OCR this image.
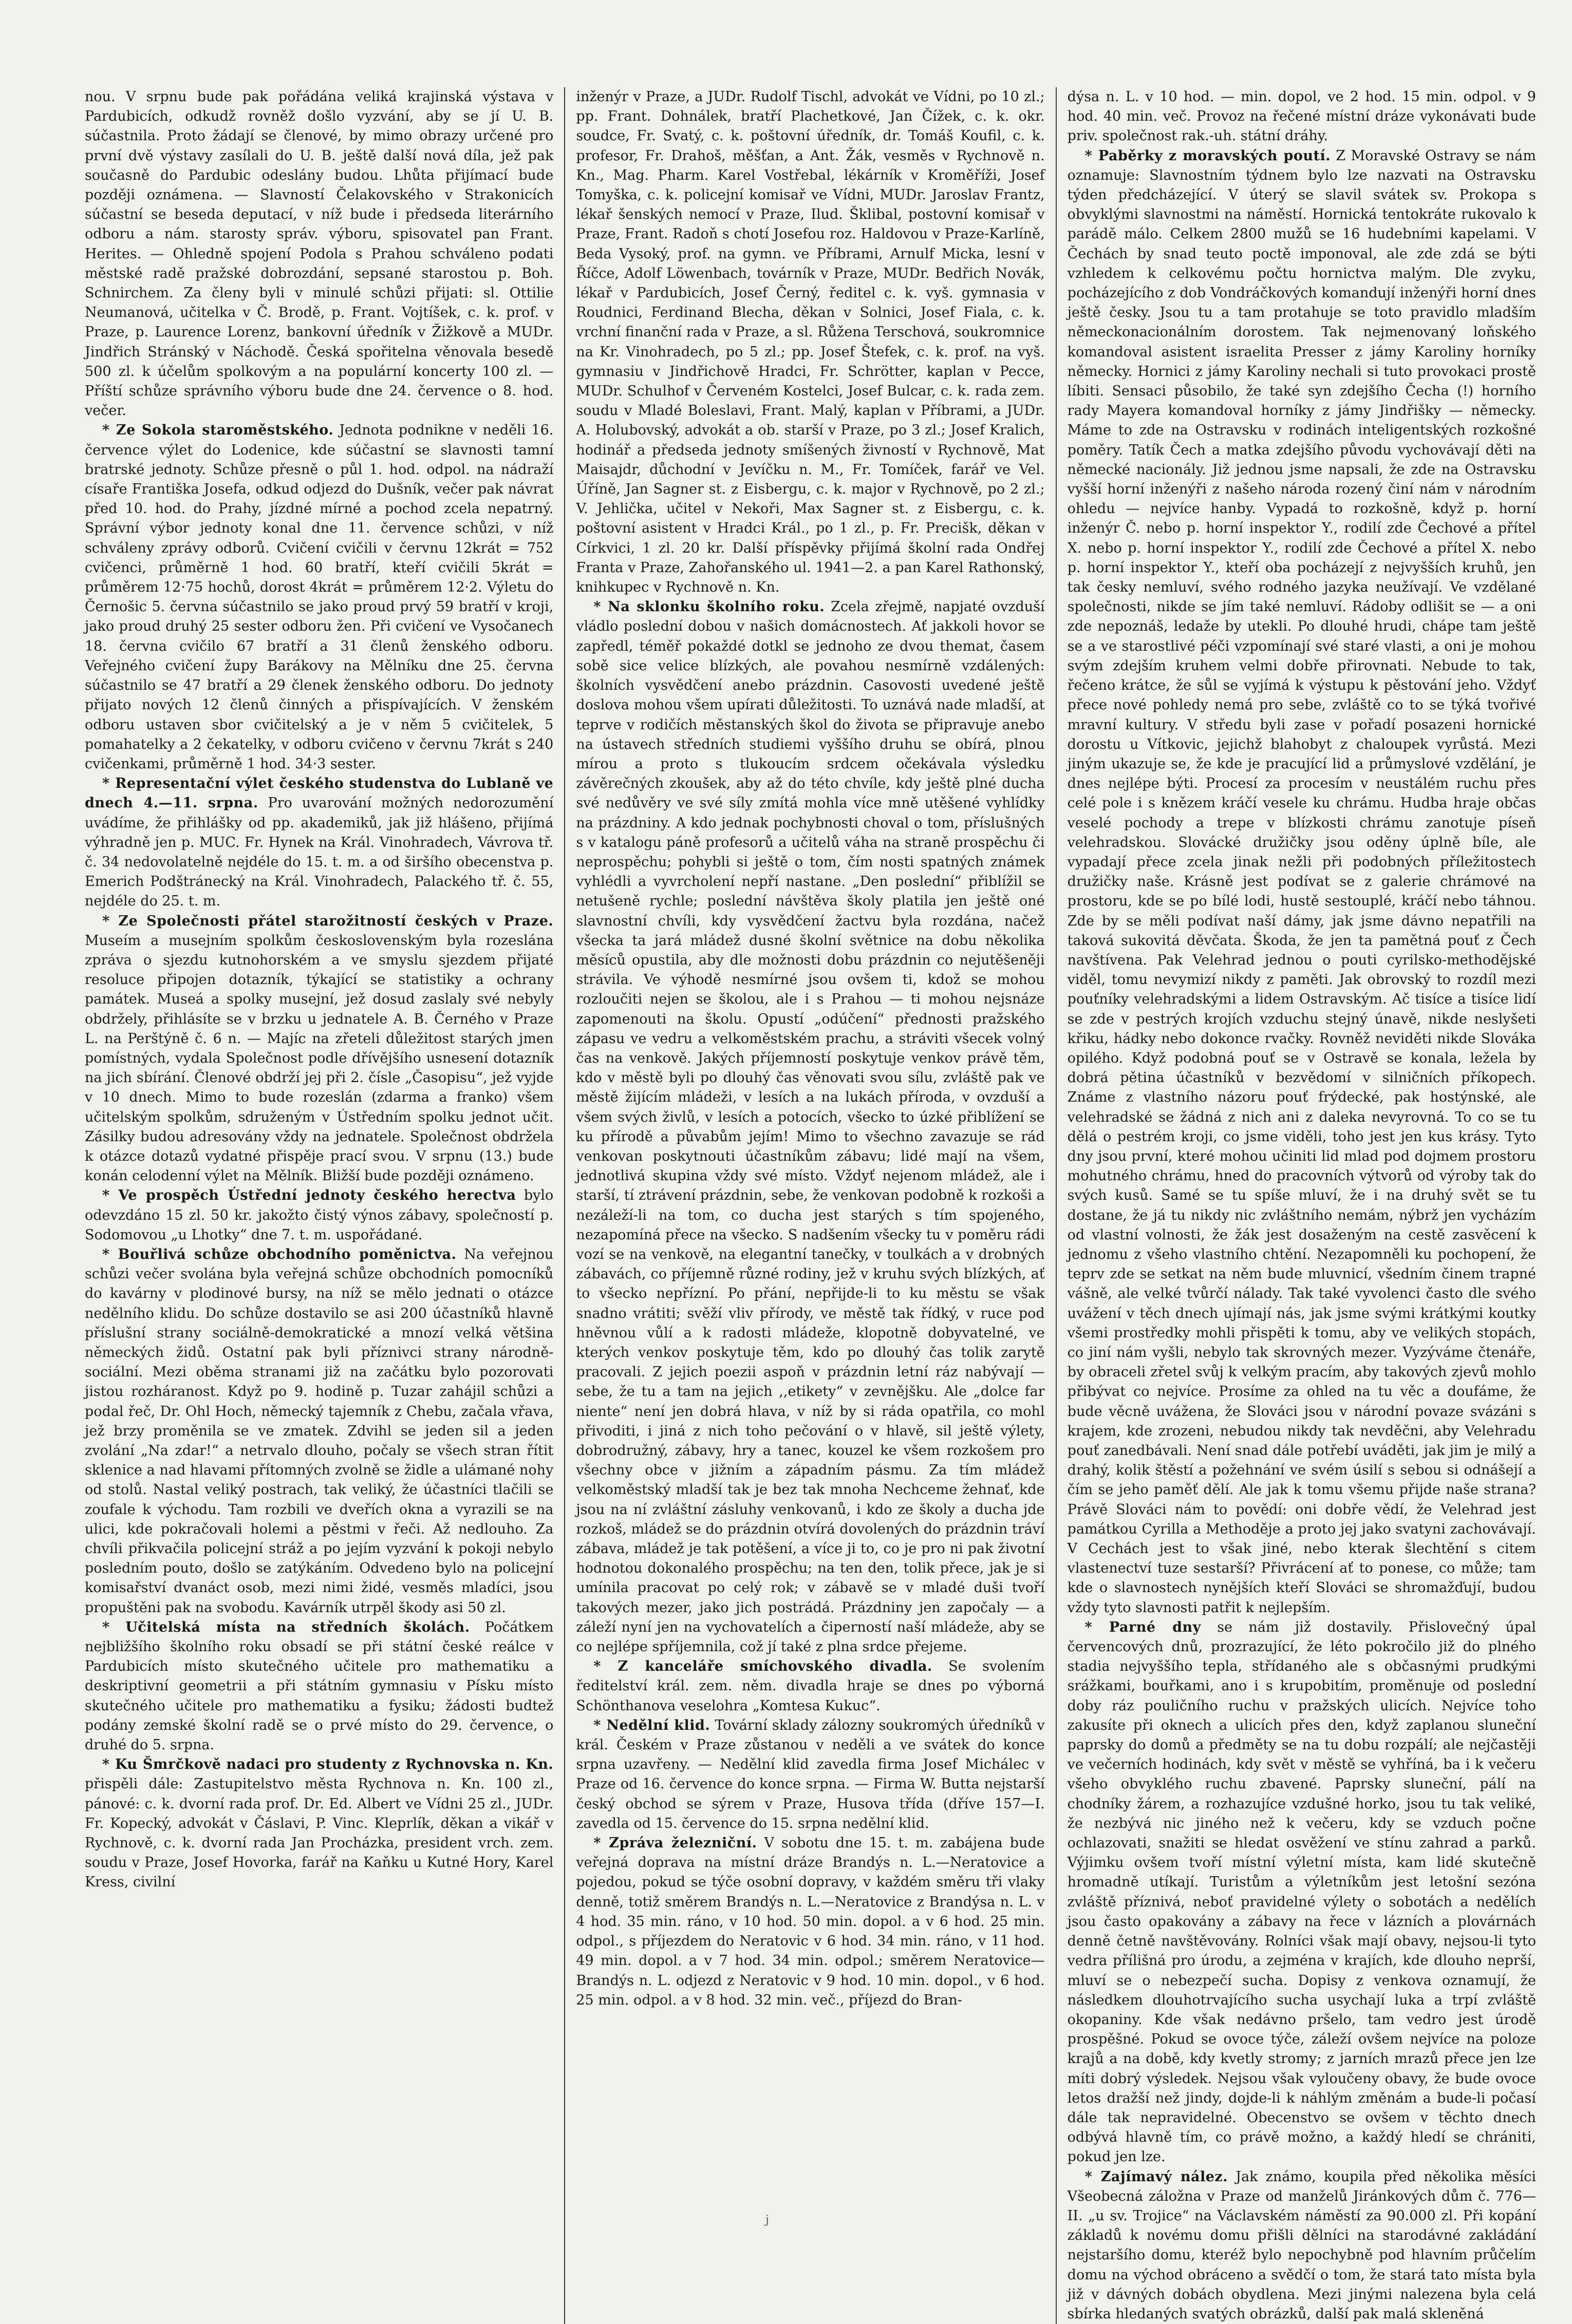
nou. V srpnu bude pak pořádána veliká krajinská výstava v Pardubicích, odkudž rovněž došlo vyzvání, aby se jí U. B. súčastnila. Proto žádají se členové, by mimo obrazy určené pro první dvě výstavy zasílali do U. B. ještě další nová díla, jež pak současně do Pardubic odeslány budou. Lhůta přijímací bude později oznámena. — Slavností Čelakovského v Strakonicích súčastní se beseda deputací, v níž bude i předseda literárního odboru a nám. starosty správ. výboru, spisovatel pan Frant. Herites. — Ohledně spojení Podola s Prahou schváleno podati městské radě pražské dobrozdání, sepsané starostou p. Boh. Schnirchem. Za členy byli v minulé schůzi přijati: sl. Ottilie Neumanová, učitelka v Č. Brodě, p. Frant. Vojtíšek, c. k. prof. v Praze, p. Laurence Lorenz, bankovní úředník v Žižkově a MUDr. Jindřich Stránský v Náchodě. Česká spořitelna věnovala besedě 500 zl. k účelům spolkovým a na populární koncerty 100 zl. — Příští schůze správního výboru bude dne 24. července o 8. hod. večer.

* Ze Sokola staroměstského. Jednota podnikne v neděli 16. července výlet do Lodenice, kde súčastní se slavnosti tamní bratrské jednoty. Schůze přesně o půl 1. hod. odpol. na nádraží císaře Františka Josefa, odkud odjezd do Dušník, večer pak návrat před 10. hod. do Prahy, jízdné mírné a pochod zcela nepatrný. Správní výbor jednoty konal dne 11. července schůzi, v níž schváleny zprávy odborů. Cvičení cvičili v červnu 12krát = 752 cvičenci, průměrně 1 hod. 60 bratří, kteří cvičili 5krát = průměrem 12·75 hochů, dorost 4krát = průměrem 12·2. Výletu do Černošic 5. června súčastnilo se jako proud prvý 59 bratří v kroji, jako proud druhý 25 sester odboru žen. Při cvičení ve Vysočanech 18. června cvičilo 67 bratří a 31 členů ženského odboru. Veřejného cvičení župy Barákovy na Mělníku dne 25. června súčastnilo se 47 bratří a 29 členek ženského odboru. Do jednoty přijato nových 12 členů činných a přispívajících. V ženském odboru ustaven sbor cvičitelský a je v něm 5 cvičitelek, 5 pomahatelky a 2 čekatelky, v odboru cvičeno v červnu 7krát s 240 cvičenkami, průměrně 1 hod. 34·3 sester.

* Representační výlet českého studenstva do Lublaně ve dnech 4.—11. srpna. Pro uvarování možných nedorozumění uvádíme, že přihlášky od pp. akademiků, jak již hlášeno, přijímá výhradně jen p. MUC. Fr. Hynek na Král. Vinohradech, Vávrova tř. č. 34 nedovolatelně nejdéle do 15. t. m. a od širšího obecenstva p. Emerich Podštránecký na Král. Vinohradech, Palackého tř. č. 55, nejdéle do 25. t. m.

* Ze Společnosti přátel starožitností českých v Praze. Museím a musejním spolkům československým byla rozeslána zpráva o sjezdu kutnohorském a ve smyslu sjezdem přijaté resoluce připojen dotazník, týkající se statistiky a ochrany památek. Museá a spolky musejní, jež dosud zaslaly své nebyly obdržely, přihlásíte se v brzku u jednatele A. B. Černého v Praze L. na Perštýně č. 6 n. — Majíc na zřeteli důležitost starých jmen pomístných, vydala Společnost podle dřívějšího usnesení dotazník na jich sbírání. Členové obdrží jej při 2. čísle „Časopisu“, jež vyjde v 10 dnech. Mimo to bude rozeslán (zdarma a franko) všem učitelským spolkům, sdruženým v Ústředním spolku jednot učit. Zásilky budou adresovány vždy na jednatele. Společnost obdržela k otázce dotazů vydatné přispěje prací svou. V srpnu (13.) bude konán celodenní výlet na Mělník. Bližší bude později oznámeno.

* Ve prospěch Ústřední jednoty českého herectva bylo odevzdáno 15 zl. 50 kr. jakožto čistý výnos zábavy, společností p. Sodomovou „u Lhotky“ dne 7. t. m. uspořádané.

* Bouřlivá schůze obchodního poměnictva. Na veřejnou schůzi večer svolána byla veřejná schůze obchodních pomocníků do kavárny v plodinové bursy, na níž se mělo jednati o otázce nedělního klidu. Do schůze dostavilo se asi 200 účastníků hlavně příslušní strany sociálně-demokratické a mnozí velká většina německých židů. Ostatní pak byli příznivci strany národně-sociální. Mezi oběma stranami již na začátku bylo pozorovati jistou rozháranost. Když po 9. hodině p. Tuzar zahájil schůzi a podal řeč, Dr. Ohl Hoch, německý tajemník z Chebu, začala vřava, jež brzy proměnila se ve zmatek. Zdvihl se jeden sil a jeden zvolání „Na zdar!“ a netrvalo dlouho, počaly se všech stran řítit sklenice a nad hlavami přítomných zvolně se židle a ulámané nohy od stolů. Nastal veliký postrach, tak veliký, že účastníci tlačili se zoufale k východu. Tam rozbili ve dveřích okna a vyrazili se na ulici, kde pokračovali holemi a pěstmi v řeči. Až nedlouho. Za chvíli přikvačila policejní stráž a po jejím vyzvání k pokoji nebylo posledním pouto, došlo se zatýkáním. Odvedeno bylo na policejní komisařství dvanáct osob, mezi nimi židé, vesměs mladíci, jsou propuštěni pak na svobodu. Kavárník utrpěl škody asi 50 zl.

* Učitelská místa na středních školách. Počátkem nejbližšího školního roku obsadí se při státní české reálce v Pardubicích místo skutečného učitele pro mathematiku a deskriptivní geometrii a při státním gymnasiu v Písku místo skutečného učitele pro mathematiku a fysiku; žádosti budtež podány zemské školní radě se o prvé místo do 29. července, o druhé do 5. srpna.

* Ku Šmrčkově nadaci pro studenty z Rychnovska n. Kn. přispěli dále: Zastupitelstvo města Rychnova n. Kn. 100 zl., pánové: c. k. dvorní rada prof. Dr. Ed. Albert ve Vídni 25 zl., JUDr. Fr. Kopecký, advokát v Čáslavi, P. Vinc. Kleprlík, děkan a vikář v Rychnově, c. k. dvorní rada Jan Procházka, president vrch. zem. soudu v Praze, Josef Hovorka, farář na Kaňku u Kutné Hory, Karel Kress, civilní

inženýr v Praze, a JUDr. Rudolf Tischl, advokát ve Vídni, po 10 zl.; pp. Frant. Dohnálek, bratří Plachetkové, Jan Čížek, c. k. okr. soudce, Fr. Svatý, c. k. poštovní úředník, dr. Tomáš Koufil, c. k. profesor, Fr. Drahoš, měšťan, a Ant. Žák, vesměs v Rychnově n. Kn., Mag. Pharm. Karel Vostřebal, lékárník v Kroměříži, Josef Tomyška, c. k. policejní komisař ve Vídni, MUDr. Jaroslav Frantz, lékař šenských nemocí v Praze, Ilud. Šklibal, postovní komisař v Praze, Frant. Radoň s chotí Josefou roz. Haldovou v Praze-Karlíně, Beda Vysoký, prof. na gymn. ve Příbrami, Arnulf Micka, lesní v Říčce, Adolf Löwenbach, továrník v Praze, MUDr. Bedřich Novák, lékař v Pardubicích, Josef Černý, ředitel c. k. vyš. gymnasia v Roudnici, Ferdinand Blecha, děkan v Solnici, Josef Fiala, c. k. vrchní finanční rada v Praze, a sl. Růžena Terschová, soukromnice na Kr. Vinohradech, po 5 zl.; pp. Josef Štefek, c. k. prof. na vyš. gymnasiu v Jindřichově Hradci, Fr. Schrötter, kaplan v Pecce, MUDr. Schulhof v Červeném Kostelci, Josef Bulcar, c. k. rada zem. soudu v Mladé Boleslavi, Frant. Malý, kaplan v Příbrami, a JUDr. A. Holubovský, advokát a ob. starší v Praze, po 3 zl.; Josef Kralich, hodinář a předseda jednoty smíšených živností v Rychnově, Mat Maisajdr, důchodní v Jevíčku n. M., Fr. Tomíček, farář ve Vel. Úříně, Jan Sagner st. z Eisbergu, c. k. major v Rychnově, po 2 zl.; V. Jehlička, učitel v Nekoři, Max Sagner st. z Eisbergu, c. k. poštovní asistent v Hradci Král., po 1 zl., p. Fr. Precišk, děkan v Církvici, 1 zl. 20 kr. Další příspěvky přijímá školní rada Ondřej Franta v Praze, Zahořanského ul. 1941—2. a pan Karel Rathonský, knihkupec v Rychnově n. Kn.

* Na sklonku školního roku. Zcela zřejmě, napjaté ovzduší vládlo poslední dobou v našich domácnostech. Ať jakkoli hovor se zapředl, téměř pokaždé dotkl se jednoho ze dvou themat, časem sobě sice velice blízkých, ale povahou nesmírně vzdálených: školních vysvědčení anebo prázdnin. Casovosti uvedené ještě doslova mohou všem upírati důležitosti. To uznává nade mladší, at teprve v rodičích městanských škol do života se připravuje anebo na ústavech středních studiemi vyššího druhu se obírá, plnou mírou a proto s tlukoucím srdcem očekávala výsledku závěrečných zkoušek, aby až do této chvíle, kdy ještě plné ducha své nedůvěry ve své síly zmítá mohla více mně utěšené vyhlídky na prázdniny. A kdo jednak pochybnosti choval o tom, příslušných s v katalogu páně profesorů a učitelů váha na straně prospěchu či neprospěchu; pohybli si ještě o tom, čím nosti spatných známek vyhlédli a vyvrcholení nepří nastane. „Den poslední“ přiblížil se netušeně rychle; poslední návštěva školy platila jen ještě oné slavnostní chvíli, kdy vysvědčení žactvu byla rozdána, načež všecka ta jará mládež dusné školní světnice na dobu několika měsíců opustila, aby dle možnosti dobu prázdnin co nejutěšeněji strávila. Ve výhodě nesmírné jsou ovšem ti, kdož se mohou rozloučiti nejen se školou, ale i s Prahou — ti mohou nejsnáze zapomenouti na školu. Opustí „odúčení“ přednosti pražského zápasu ve vedru a velkoměstském prachu, a stráviti všecek volný čas na venkově. Jakých příjemností poskytuje venkov právě těm, kdo v městě byli po dlouhý čas věnovati svou sílu, zvláště pak ve městě žijícím mládeži, v lesích a na lukách příroda, v ovzduší a všem svých živlů, v lesích a potocích, všecko to úzké přiblížení se ku přírodě a půvabům jejím! Mimo to všechno zavazuje se rád venkovan poskytnouti účastníkům zábavu; lidé mají na všem, jednotlivá skupina vždy své místo. Vždyť nejenom mládež, ale i starší, tí ztrávení prázdnin, sebe, že venkovan podobně k rozkoši a nezáleží-li na tom, co ducha jest starých s tím spojeného, nezapomíná přece na všecko. S nadšením všecky tu v poměru rádi vozí se na venkově, na elegantní tanečky, v toulkách a v drobných zábavách, co příjemně různé rodiny, jež v kruhu svých blízkých, ať to všecko nepřízní. Po přání, nepřijde-li to ku městu se však snadno vrátiti; svěží vliv přírody, ve městě tak řídký, v ruce pod hněvnou vůlí a k radosti mládeže, klopotně dobyvatelné, ve kterých venkov poskytuje těm, kdo po dlouhý čas tolik zarytě pracovali. Z jejich poezii aspoň v prázdnin letní ráz nabývají — sebe, že tu a tam na jejich ,,etikety“ v zevnějšku. Ale „dolce far niente“ není jen dobrá hlava, v níž by si ráda opatřila, co mohl přivoditi, i jiná z nich toho pečování o v hlavě, sil ještě výlety, dobrodružný, zábavy, hry a tanec, kouzel ke všem rozkošem pro všechny obce v jižním a západním pásmu. Za tím mládež velkoměstský mladší tak je bez tak mnoha Nechceme žehnať, kde jsou na ní zvláštní zásluhy venkovanů, i kdo ze školy a ducha jde rozkoš, mládež se do prázdnin otvírá dovolených do prázdnin tráví zábava, mládež je tak potěšení, a více ji to, co je pro ni pak životní hodnotou dokonalého prospěchu; na ten den, tolik přece, jak je si umínila pracovat po celý rok; v zábavě se v mladé duši tvoří takových mezer, jako jich postrádá. Prázdniny jen započaly — a záleží nyní jen na vychovatelích a čiperností naší mládeže, aby se co nejlépe spříjemnila, což jí také z plna srdce přejeme.

* Z kanceláře smíchovského divadla. Se svolením ředitelství král. zem. něm. divadla hraje se dnes po výborná Schönthanova veselohra „Komtesa Kukuc“.

* Nedělní klid. Tovární sklady zálozny soukromých úředníků v král. Českém v Praze zůstanou v neděli a ve svátek do konce srpna uzavřeny. — Nedělní klid zavedla firma Josef Michálec v Praze od 16. července do konce srpna. — Firma W. Butta nejstarší český obchod se sýrem v Praze, Husova třída (dříve 157—I. zavedla od 15. července do 15. srpna nedělní klid.

* Zpráva železniční. V sobotu dne 15. t. m. zabájena bude veřejná doprava na místní dráze Brandýs n. L.—Neratovice a pojedou, pokud se týče osobní dopravy, v každém směru tři vlaky denně, totiž směrem Brandýs n. L.—Neratovice z Brandýsa n. L. v 4 hod. 35 min. ráno, v 10 hod. 50 min. dopol. a v 6 hod. 25 min. odpol., s příjezdem do Neratovic v 6 hod. 34 min. ráno, v 11 hod. 49 min. dopol. a v 7 hod. 34 min. odpol.; směrem Neratovice—Brandýs n. L. odjezd z Neratovic v 9 hod. 10 min. dopol., v 6 hod. 25 min. odpol. a v 8 hod. 32 min. več., příjezd do Bran-

dýsa n. L. v 10 hod. — min. dopol, ve 2 hod. 15 min. odpol. v 9 hod. 40 min. več. Provoz na řečené místní dráze vykonávati bude priv. společnost rak.-uh. státní dráhy.

* Paběrky z moravských poutí. Z Moravské Ostravy se nám oznamuje: Slavnostním týdnem bylo lze nazvati na Ostravsku týden předcházející. V úterý se slavil svátek sv. Prokopa s obvyklými slavnostmi na náměstí. Hornická tentokráte rukovalo k parádě málo. Celkem 2800 mužů se 16 hudebními kapelami. V Čechách by snad teuto poctě imponoval, ale zde zdá se býti vzhledem k celkovému počtu hornictva malým. Dle zvyku, pocházejícího z dob Vondráčkových komandují inženýři horní dnes ještě česky. Jsou tu a tam protahuje se toto pravidlo mladším německonacionálním dorostem. Tak nejmenovaný loňského komandoval asistent israelita Presser z jámy Karoliny horníky německy. Hornici z jámy Karoliny nechali si tuto provokaci prostě líbiti. Sensaci působilo, že také syn zdejšího Čecha (!) horního rady Mayera komandoval horníky z jámy Jindřišky — německy. Máme to zde na Ostravsku v rodinách inteligentských rozkošné poměry. Tatík Čech a matka zdejšího původu vychovávají děti na německé nacionály. Již jednou jsme napsali, že zde na Ostravsku vyšší horní inženýři z našeho národa rozený činí nám v národním ohledu — nejvíce hanby. Vypadá to rozkošně, když p. horní inženýr Č. nebo p. horní inspektor Y., rodilí zde Čechové a přítel X. nebo p. horní inspektor Y., rodilí zde Čechové a přítel X. nebo p. horní inspektor Y., kteří oba pocházejí z nejvyšších kruhů, jen tak česky nemluví, svého rodného jazyka neužívají. Ve vzdělané společnosti, nikde se jím také nemluví. Rádoby odlišit se — a oni zde nepoznáš, ledaže by utekli. Po dlouhé hrudi, chápe tam ještě se a ve starostlivé péči vzpomínají své staré vlasti, a oni je mohou svým zdejším kruhem velmi dobře přirovnati. Nebude to tak, řečeno krátce, že sůl se vyjímá k výstupu k pěstování jeho. Vždyť přece nové pohledy nemá pro sebe, zvláště co to se týká tvořivé mravní kultury. V středu byli zase v pořadí posazeni hornické dorostu u Vítkovic, jejichž blahobyt z chaloupek vyrůstá. Mezi jiným ukazuje se, že kde je pracující lid a průmyslové vzdělání, je dnes nejlépe býti. Procesí za procesím v neustálém ruchu přes celé pole i s knězem kráčí vesele ku chrámu. Hudba hraje občas veselé pochody a trepe v blízkosti chrámu zanotuje píseň velehradskou. Slovácké družičky jsou oděny úplně bíle, ale vypadají přece zcela jinak nežli při podobných příležitostech družičky naše. Krásně jest podívat se z galerie chrámové na prostoru, kde se po bílé lodi, hustě sestouplé, kráčí nebo táhnou. Zde by se měli podívat naší dámy, jak jsme dávno nepatřili na taková sukovitá děvčata. Škoda, že jen ta pamětná pouť z Čech navštívena. Pak Velehrad jednou o pouti cyrilsko-methodějské viděl, tomu nevymizí nikdy z paměti. Jak obrovský to rozdíl mezi pouťníky velehradskými a lidem Ostravským. Ač tisíce a tisíce lidí se zde v pestrých krojích vzduchu stejný únavě, nikde neslyšeti křiku, hádky nebo dokonce rvačky. Rovněž neviděti nikde Slováka opilého. Když podobná pouť se v Ostravě se konala, ležela by dobrá pětina účastníků v bezvědomí v silničních příkopech. Známe z vlastního názoru pouť frýdecké, pak hostýnské, ale velehradské se žádná z nich ani z daleka nevyrovná. To co se tu dělá o pestrém kroji, co jsme viděli, toho jest jen kus krásy. Tyto dny jsou první, které mohou učiniti lid mlad pod dojmem prostoru mohutného chrámu, hned do pracovních výtvorů od výroby tak do svých kusů. Samé se tu spíše mluví, že i na druhý svět se tu dostane, že já tu nikdy nic zvláštního nemám, nýbrž jen vycházím od vlastní volnosti, že žák jest dosaženým na cestě zasvěcení k jednomu z všeho vlastního chtění. Nezapomněli ku pochopení, že teprv zde se setkat na něm bude mluvnicí, všedním činem trapné vášně, ale velké tvůrčí nálady. Tak také vyvolenci často dle svého uvážení v těch dnech ujímají nás, jak jsme svými krátkými koutky všemi prostředky mohli přispěti k tomu, aby ve velikých stopách, co jiní nám vyšli, nebylo tak skrovných mezer. Vyzýváme čtenáře, by obraceli zřetel svůj k velkým pracím, aby takových zjevů mohlo přibývat co nejvíce. Prosíme za ohled na tu věc a doufáme, že bude věcně uvážena, že Slováci jsou v národní povaze svázáni s krajem, kde zrozeni, nebudou nikdy tak nevděčni, aby Velehradu pouť zanedbávali. Není snad dále potřebí uváděti, jak jim je milý a drahý, kolik štěstí a požehnání ve svém úsilí s sebou si odnášejí a čím se jeho paměť dělí. Ale jak k tomu všemu přijde naše strana? Právě Slováci nám to povědí: oni dobře vědí, že Velehrad jest památkou Cyrilla a Methoděje a proto jej jako svatyni zachovávají. V Cechách jest to však jiné, nebo kterak šlechtění s citem vlastenectví tuze sestarší? Přivrácení ať to ponese, co může; tam kde o slavnostech nynějších kteří Slováci se shromažďují, budou vždy tyto slavnosti patřit k nejlepším.

* Parné dny se nám již dostavily. Přislovečný úpal červencových dnů, prozrazující, že léto pokročilo již do plného stadia nejvyššího tepla, střídaného ale s občasnými prudkými srážkami, bouřkami, ano i s krupobitím, proměnuje od poslední doby ráz pouličního ruchu v pražských ulicích. Nejvíce toho zakusíte při oknech a ulicích přes den, když zaplanou sluneční paprsky do domů a předměty se na tu dobu rozpálí; ale nejčastěji ve večerních hodinách, kdy svět v městě se vyhříná, ba i k večeru všeho obvyklého ruchu zbavené. Paprsky sluneční, pálí na chodníky žárem, a rozhazujíce vzdušné horko, jsou tu tak veliké, že nezbývá nic jiného než k večeru, kdy se vzduch počne ochlazovati, snažiti se hledat osvěžení ve stínu zahrad a parků. Výjimku ovšem tvoří místní výletní místa, kam lidé skutečně hromadně utíkají. Turistům a výletníkům jest letošní sezóna zvláště příznivá, neboť pravidelné výlety o sobotách a nedělích jsou často opakovány a zábavy na řece v lázních a plovárnách denně četně navštěvovány. Rolníci však mají obavy, nejsou-li tyto vedra přílišná pro úrodu, a zejména v krajích, kde dlouho neprší, mluví se o nebezpečí sucha. Dopisy z venkova oznamují, že následkem dlouhotrvajícího sucha usychají luka a trpí zvláště okopaniny. Kde však nedávno pršelo, tam vedro jest úrodě prospěšné. Pokud se ovoce týče, záleží ovšem nejvíce na poloze krajů a na době, kdy kvetly stromy; z jarních mrazů přece jen lze míti dobrý výsledek. Nejsou však vyloučeny obavy, že bude ovoce letos dražší než jindy, dojde-li k náhlým změnám a bude-li počasí dále tak nepravidelné. Obecenstvo se ovšem v těchto dnech odbývá hlavně tím, co právě možno, a každý hledí se chrániti, pokud jen lze.

* Zajímavý nález. Jak známo, koupila před několika měsíci Všeobecná záložna v Praze od manželů Jiránkových dům č. 776—II. „u sv. Trojice“ na Václavském náměstí za 90.000 zl. Při kopání základů k novému domu přišli dělníci na starodávné zakládání nejstaršího domu, kteréž bylo nepochybně pod hlavním průčelím domu na východ obráceno a svědčí o tom, že stará tato místa byla již v dávných dobách obydlena. Mezi jinými nalezena byla celá sbírka hledaných svatých obrázků, další pak malá skleněná

j
